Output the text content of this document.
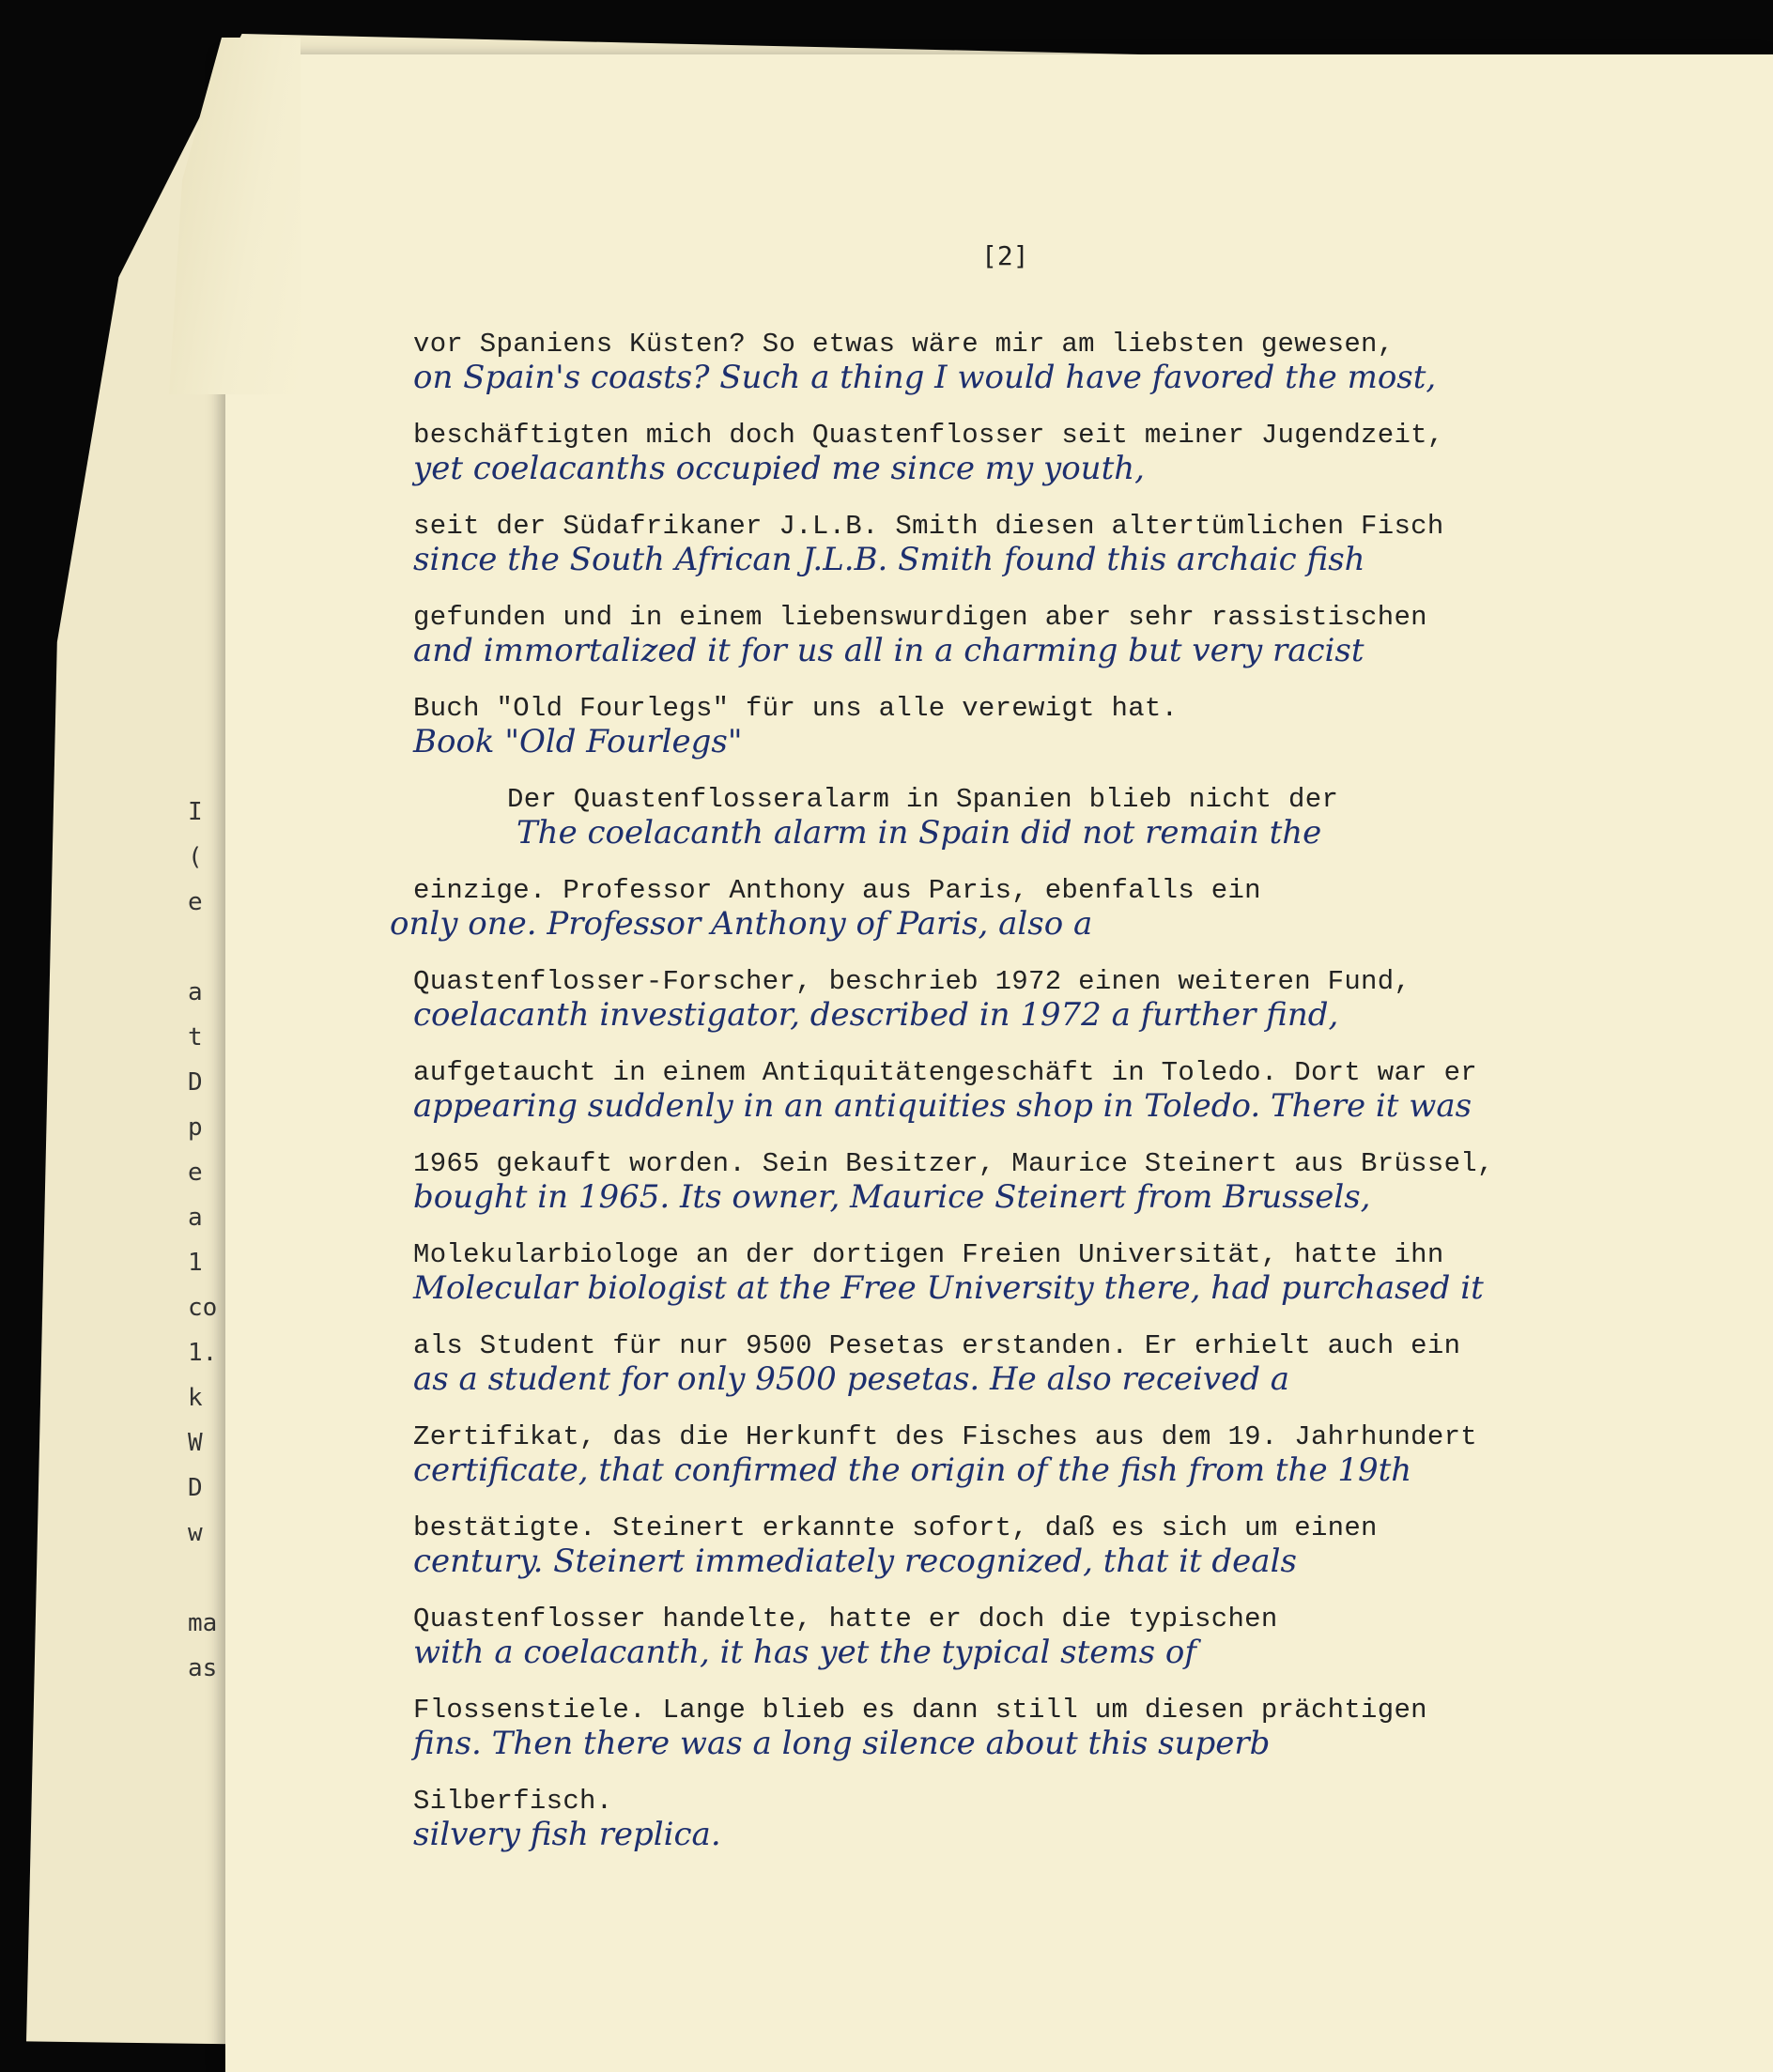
I
(
e
a
t
D
p
e
a
1
co
1.
k
W
D
w
ma
as
[2]
vor Spaniens Küsten? So etwas wäre mir am liebsten gewesen,
on Spain's coasts? Such a thing I would have favored the most,
beschäftigten mich doch Quastenflosser seit meiner Jugendzeit,
yet coelacanths occupied me since my youth,
seit der Südafrikaner J.L.B. Smith diesen altertümlichen Fisch
since the South African J.L.B. Smith found this archaic fish
gefunden und in einem liebenswurdigen aber sehr rassistischen
and immortalized it for us all in a charming but very racist
Buch "Old Fourlegs" für uns alle verewigt hat.
Book "Old Fourlegs"
Der Quastenflosseralarm in Spanien blieb nicht der
The coelacanth alarm in Spain did not remain the
einzige. Professor Anthony aus Paris, ebenfalls ein
only one. Professor Anthony of Paris, also a
Quastenflosser-Forscher, beschrieb 1972 einen weiteren Fund,
coelacanth investigator, described in 1972 a further find,
aufgetaucht in einem Antiquitätengeschäft in Toledo. Dort war er
appearing suddenly in an antiquities shop in Toledo. There it was
1965 gekauft worden. Sein Besitzer, Maurice Steinert aus Brüssel,
bought in 1965. Its owner, Maurice Steinert from Brussels,
Molekularbiologe an der dortigen Freien Universität, hatte ihn
Molecular biologist at the Free University there, had purchased it
als Student für nur 9500 Pesetas erstanden. Er erhielt auch ein
as a student for only 9500 pesetas. He also received a
Zertifikat, das die Herkunft des Fisches aus dem 19. Jahrhundert
certificate, that confirmed the origin of the fish from the 19th
bestätigte. Steinert erkannte sofort, daß es sich um einen
century. Steinert immediately recognized, that it deals
Quastenflosser handelte, hatte er doch die typischen
with a coelacanth, it has yet the typical stems of
Flossenstiele. Lange blieb es dann still um diesen prächtigen
fins. Then there was a long silence about this superb
Silberfisch.
silvery fish replica.
